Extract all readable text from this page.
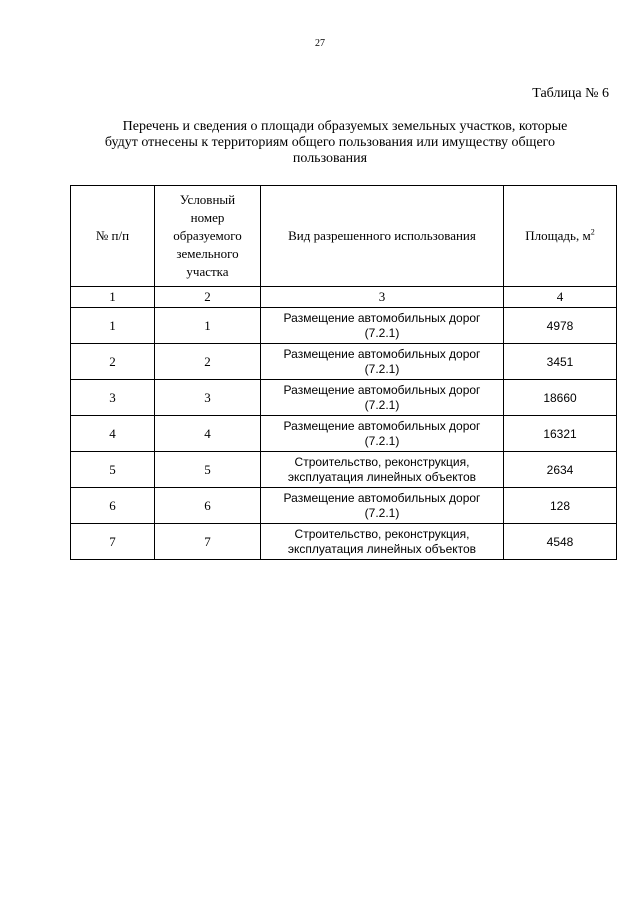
27
Таблица № 6
Перечень и сведения о площади образуемых земельных участков, которые
будут отнесены к территориям общего пользования или имуществу общего
пользования
№ п/п	Условный
номер
образуемого
земельного
участка	Вид разрешенного использования	Площадь, $м^2$
1	2	3	4
1	1	Размещение автомобильных дорог
(7.2.1)	4978
2	2	Размещение автомобильных дорог
(7.2.1)	3451
3	3	Размещение автомобильных дорог
(7.2.1)	18660
4	4	Размещение автомобильных дорог
(7.2.1)	16321
5	5	Строительство, реконструкция,
эксплуатация линейных объектов	2634
6	6	Размещение автомобильных дорог
(7.2.1)	128
7	7	Строительство, реконструкция,
эксплуатация линейных объектов	4548
